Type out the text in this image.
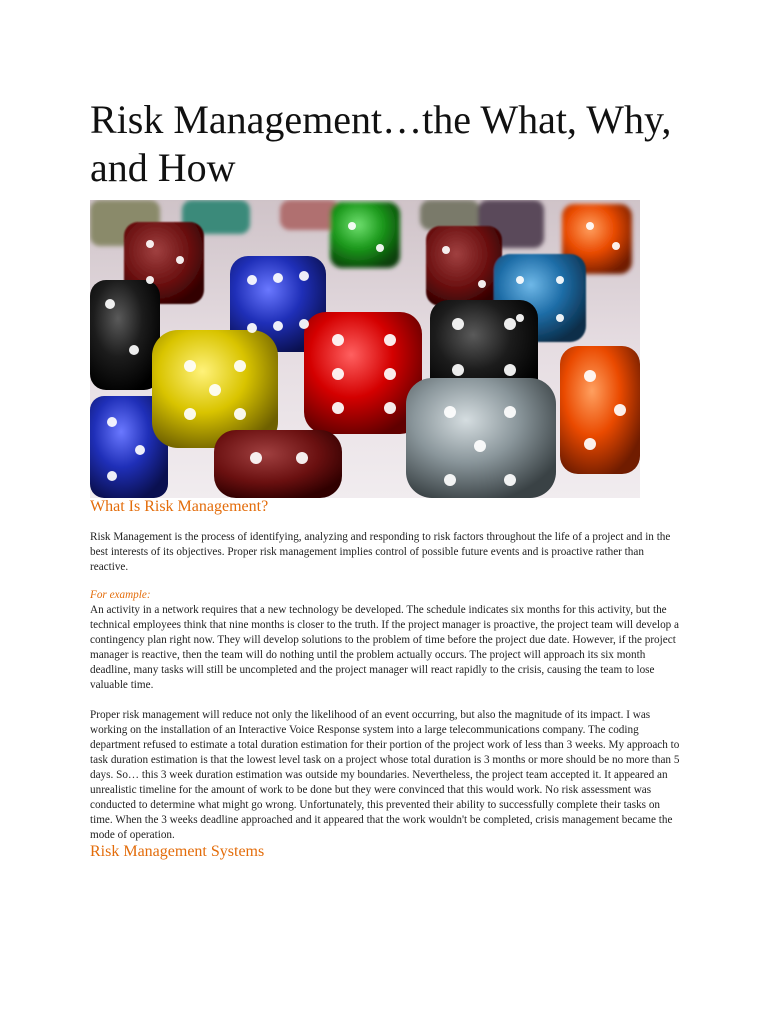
Risk Management…the What, Why, and How
What Is Risk Management?

Risk Management is the process of identifying, analyzing and responding to risk factors throughout the life of a project and in the best interests of its objectives. Proper risk management implies control of possible future events and is proactive rather than reactive.

For example:

An activity in a network requires that a new technology be developed. The schedule indicates six months for this activity, but the technical employees think that nine months is closer to the truth. If the project manager is proactive, the project team will develop a contingency plan right now. They will develop solutions to the problem of time before the project due date. However, if the project manager is reactive, then the team will do nothing until the problem actually occurs. The project will approach its six month deadline, many tasks will still be uncompleted and the project manager will react rapidly to the crisis, causing the team to lose valuable time.

Proper risk management will reduce not only the likelihood of an event occurring, but also the magnitude of its impact. I was working on the installation of an Interactive Voice Response system into a large telecommunications company. The coding department refused to estimate a total duration estimation for their portion of the project work of less than 3 weeks. My approach to task duration estimation is that the lowest level task on a project whose total duration is 3 months or more should be no more than 5 days. So… this 3 week duration estimation was outside my boundaries. Nevertheless, the project team accepted it. It appeared an unrealistic timeline for the amount of work to be done but they were convinced that this would work. No risk assessment was conducted to determine what might go wrong. Unfortunately, this prevented their ability to successfully complete their tasks on time. When the 3 weeks deadline approached and it appeared that the work wouldn't be completed, crisis management became the mode of operation.

Risk Management Systems
